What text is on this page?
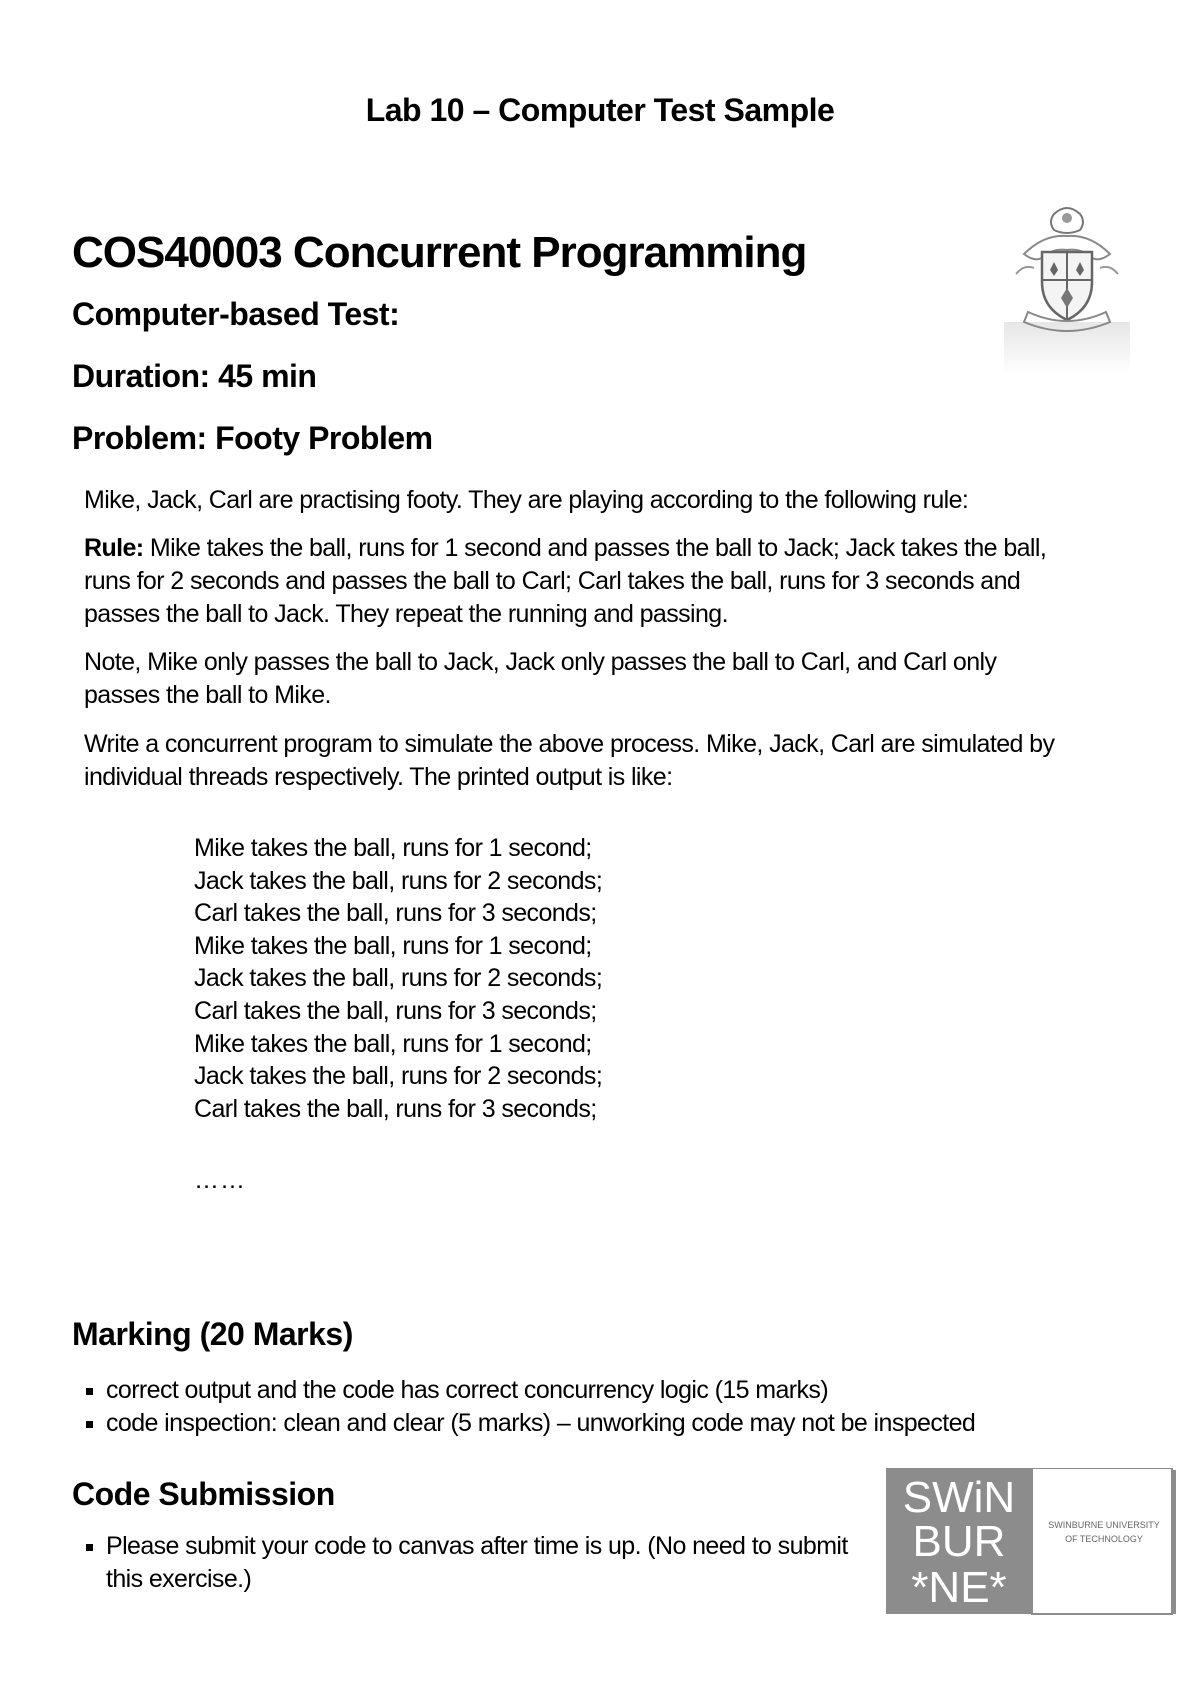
Lab 10 – Computer Test Sample
COS40003 Concurrent Programming
Computer-based Test:
Duration: 45 min
Problem: Footy Problem
Mike, Jack, Carl are practising footy. They are playing according to the following rule:
Rule: Mike takes the ball, runs for 1 second and passes the ball to Jack; Jack takes the ball, runs for 2 seconds and passes the ball to Carl; Carl takes the ball, runs for 3 seconds and passes the ball to Jack. They repeat the running and passing.
Note, Mike only passes the ball to Jack, Jack only passes the ball to Carl, and Carl only passes the ball to Mike.
Write a concurrent program to simulate the above process. Mike, Jack, Carl are simulated by individual threads respectively. The printed output is like:
Mike takes the ball, runs for 1 second;
Jack takes the ball, runs for 2 seconds;
Carl takes the ball, runs for 3 seconds;
Mike takes the ball, runs for 1 second;
Jack takes the ball, runs for 2 seconds;
Carl takes the ball, runs for 3 seconds;
Mike takes the ball, runs for 1 second;
Jack takes the ball, runs for 2 seconds;
Carl takes the ball, runs for 3 seconds;
……
Marking (20 Marks)
correct output and the code has correct concurrency logic (15 marks)
code inspection: clean and clear (5 marks) – unworking code may not be inspected
Code Submission
Please submit your code to canvas after time is up. (No need to submit this exercise.)
SWiN
BUR
*NE*
SWINBURNE UNIVERSITY
OF TECHNOLOGY
